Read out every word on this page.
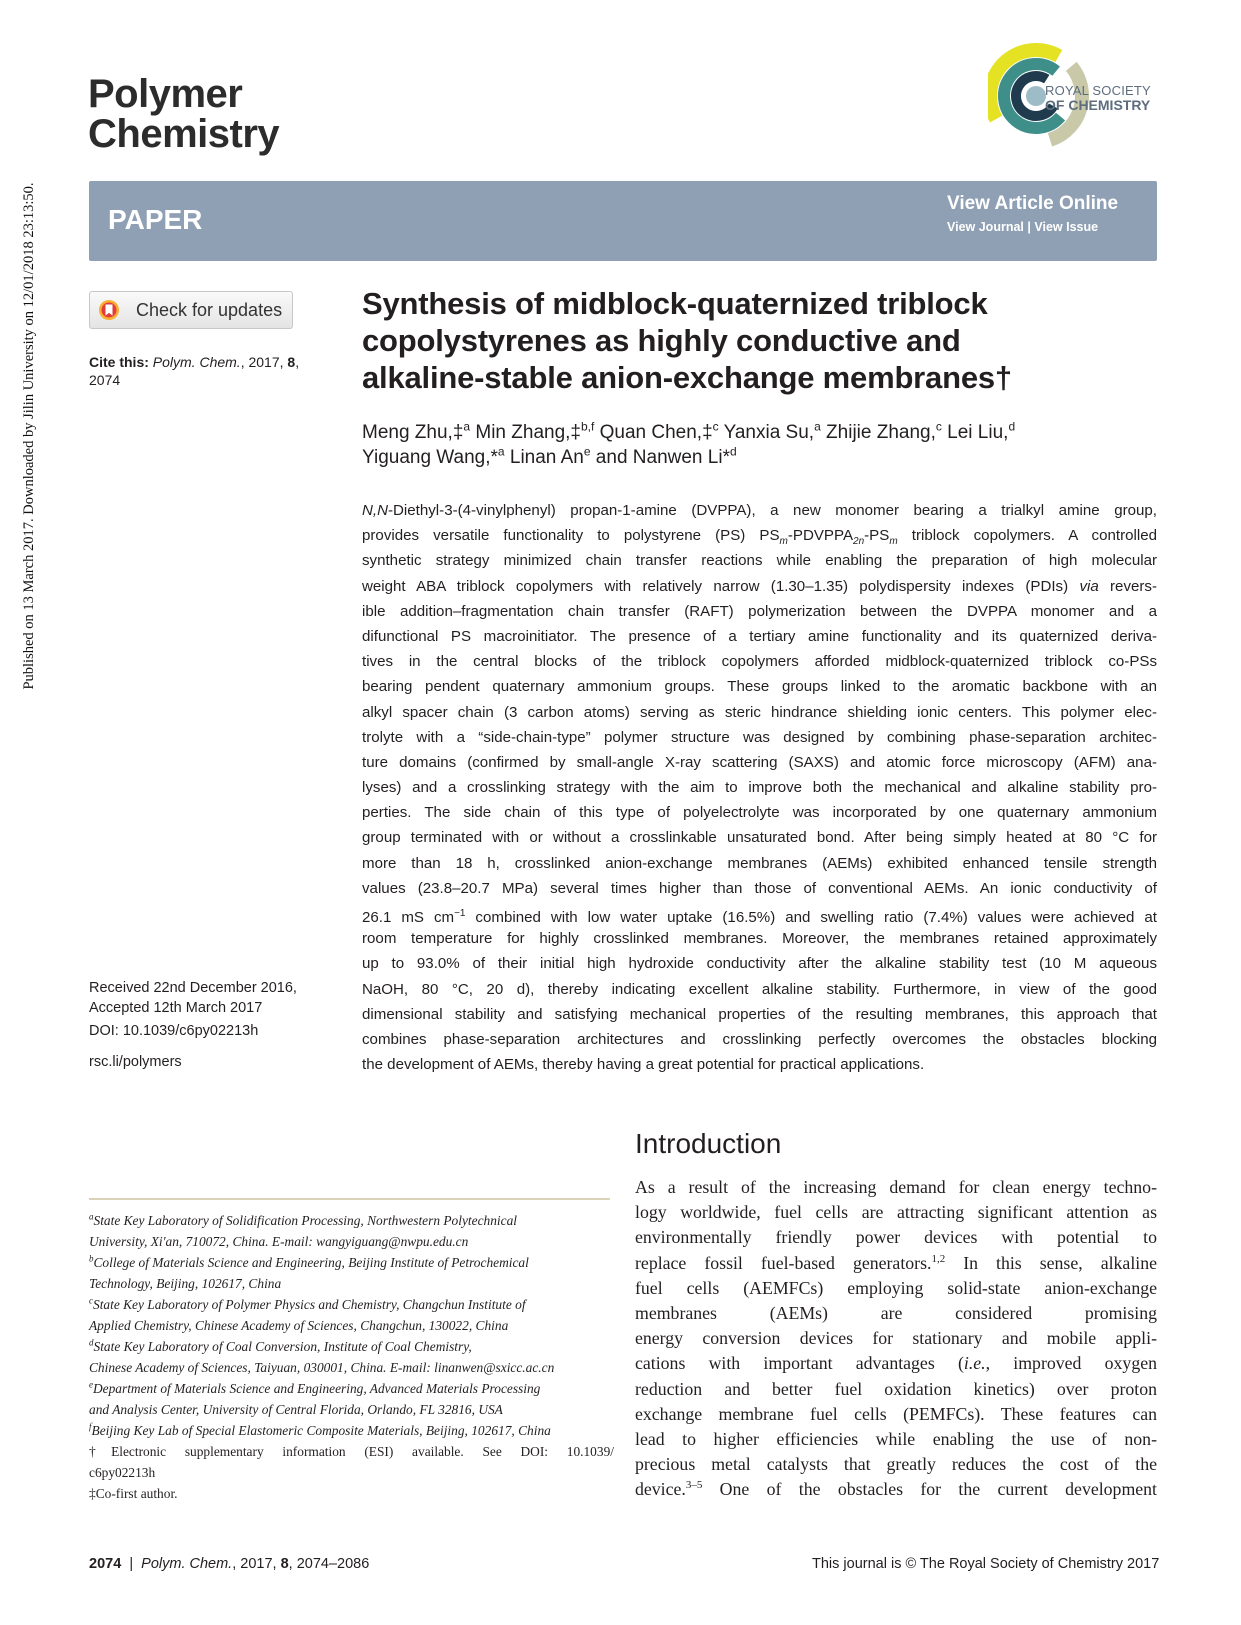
Published on 13 March 2017. Downloaded by Jilin University on 12/01/2018 23:13:50.
Polymer
Chemistry
ROYAL SOCIETY
OF CHEMISTRY
PAPER
View Article Online
View Journal | View Issue
Check for updates
Cite this: Polym. Chem., 2017, 8, 2074
Synthesis of midblock-quaternized triblock
copolystyrenes as highly conductive and
alkaline-stable anion-exchange membranes†
Meng Zhu,‡$^a$ Min Zhang,‡$^{b,f}$ Quan Chen,‡$^c$ Yanxia Su,$^a$ Zhijie Zhang,$^c$ Lei Liu,$^d$
Yiguang Wang,*$^a$ Linan An$^e$ and Nanwen Li*$^d$
N,N-Diethyl-3-(4-vinylphenyl) propan-1-amine (DVPPA), a new monomer bearing a trialkyl amine group,
provides versatile functionality to polystyrene (PS) $PS_m-PDVPPA_{2n}-PS_m$ triblock copolymers. A controlled
synthetic strategy minimized chain transfer reactions while enabling the preparation of high molecular
weight ABA triblock copolymers with relatively narrow (1.30–1.35) polydispersity indexes (PDIs) via revers-
ible addition–fragmentation chain transfer (RAFT) polymerization between the DVPPA monomer and a
difunctional PS macroinitiator. The presence of a tertiary amine functionality and its quaternized deriva-
tives in the central blocks of the triblock copolymers afforded midblock-quaternized triblock co-PSs
bearing pendent quaternary ammonium groups. These groups linked to the aromatic backbone with an
alkyl spacer chain (3 carbon atoms) serving as steric hindrance shielding ionic centers. This polymer elec-
trolyte with a “side-chain-type” polymer structure was designed by combining phase-separation architec-
ture domains (confirmed by small-angle X-ray scattering (SAXS) and atomic force microscopy (AFM) ana-
lyses) and a crosslinking strategy with the aim to improve both the mechanical and alkaline stability pro-
perties. The side chain of this type of polyelectrolyte was incorporated by one quaternary ammonium
group terminated with or without a crosslinkable unsaturated bond. After being simply heated at 80 °C for
more than 18 h, crosslinked anion-exchange membranes (AEMs) exhibited enhanced tensile strength
values (23.8–20.7 MPa) several times higher than those of conventional AEMs. An ionic conductivity of
26.1 mS $cm^{-1}$ combined with low water uptake (16.5%) and swelling ratio (7.4%) values were achieved at
room temperature for highly crosslinked membranes. Moreover, the membranes retained approximately
up to 93.0% of their initial high hydroxide conductivity after the alkaline stability test (10 M aqueous
NaOH, 80 °C, 20 d), thereby indicating excellent alkaline stability. Furthermore, in view of the good
dimensional stability and satisfying mechanical properties of the resulting membranes, this approach that
combines phase-separation architectures and crosslinking perfectly overcomes the obstacles blocking
the development of AEMs, thereby having a great potential for practical applications.
Received 22nd December 2016,
Accepted 12th March 2017
DOI: 10.1039/c6py02213h
rsc.li/polymers
Introduction
$^a$State Key Laboratory of Solidification Processing, Northwestern Polytechnical
University, Xi'an, 710072, China. E-mail: wangyiguang@nwpu.edu.cn
$^b$College of Materials Science and Engineering, Beijing Institute of Petrochemical
Technology, Beijing, 102617, China
$^c$State Key Laboratory of Polymer Physics and Chemistry, Changchun Institute of
Applied Chemistry, Chinese Academy of Sciences, Changchun, 130022, China
$^d$State Key Laboratory of Coal Conversion, Institute of Coal Chemistry,
Chinese Academy of Sciences, Taiyuan, 030001, China. E-mail: linanwen@sxicc.ac.cn
$^e$Department of Materials Science and Engineering, Advanced Materials Processing
and Analysis Center, University of Central Florida, Orlando, FL 32816, USA
$^f$Beijing Key Lab of Special Elastomeric Composite Materials, Beijing, 102617, China
†Electronic supplementary information (ESI) available. See DOI: 10.1039/
c6py02213h
‡Co-first author.
As a result of the increasing demand for clean energy techno-
logy worldwide, fuel cells are attracting significant attention as
environmentally friendly power devices with potential to
replace fossil fuel-based generators.$^{1,2}$ In this sense, alkaline
fuel cells (AEMFCs) employing solid-state anion-exchange
membranes (AEMs) are considered promising
energy conversion devices for stationary and mobile appli-
cations with important advantages (i.e., improved oxygen
reduction and better fuel oxidation kinetics) over proton
exchange membrane fuel cells (PEMFCs). These features can
lead to higher efficiencies while enabling the use of non-
precious metal catalysts that greatly reduces the cost of the
device.$^{3-5}$ One of the obstacles for the current development
2074  |  Polym. Chem., 2017, 8, 2074–2086	This journal is © The Royal Society of Chemistry 2017
